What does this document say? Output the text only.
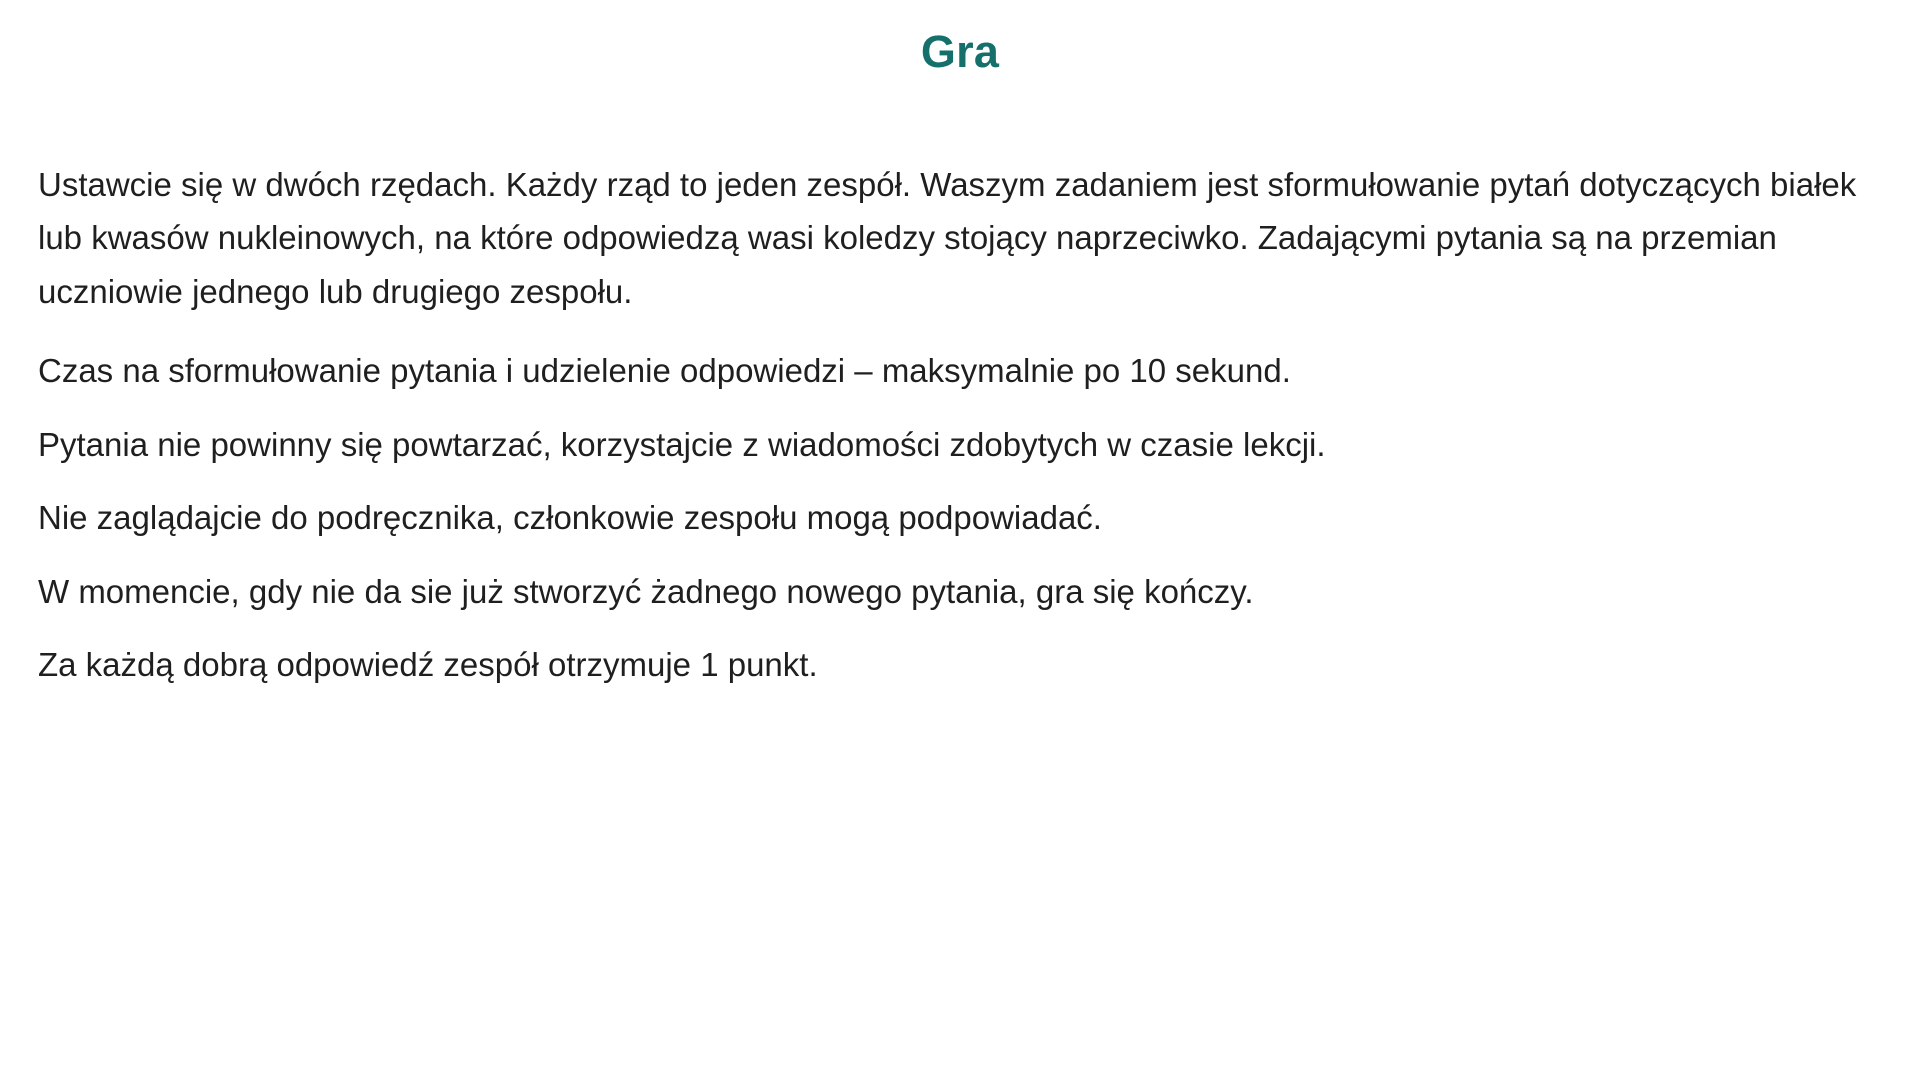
Gra

Ustawcie się w dwóch rzędach. Każdy rząd to jeden zespół. Waszym zadaniem jest sformułowanie pytań dotyczących białek lub kwasów nukleinowych, na które odpowiedzą wasi koledzy stojący naprzeciwko. Zadającymi pytania są na przemian uczniowie jednego lub drugiego zespołu.

Czas na sformułowanie pytania i udzielenie odpowiedzi – maksymalnie po 10 sekund.

Pytania nie powinny się powtarzać, korzystajcie z wiadomości zdobytych w czasie lekcji.

Nie zaglądajcie do podręcznika, członkowie zespołu mogą podpowiadać.

W momencie, gdy nie da sie już stworzyć żadnego nowego pytania, gra się kończy.

Za każdą dobrą odpowiedź zespół otrzymuje 1 punkt.
